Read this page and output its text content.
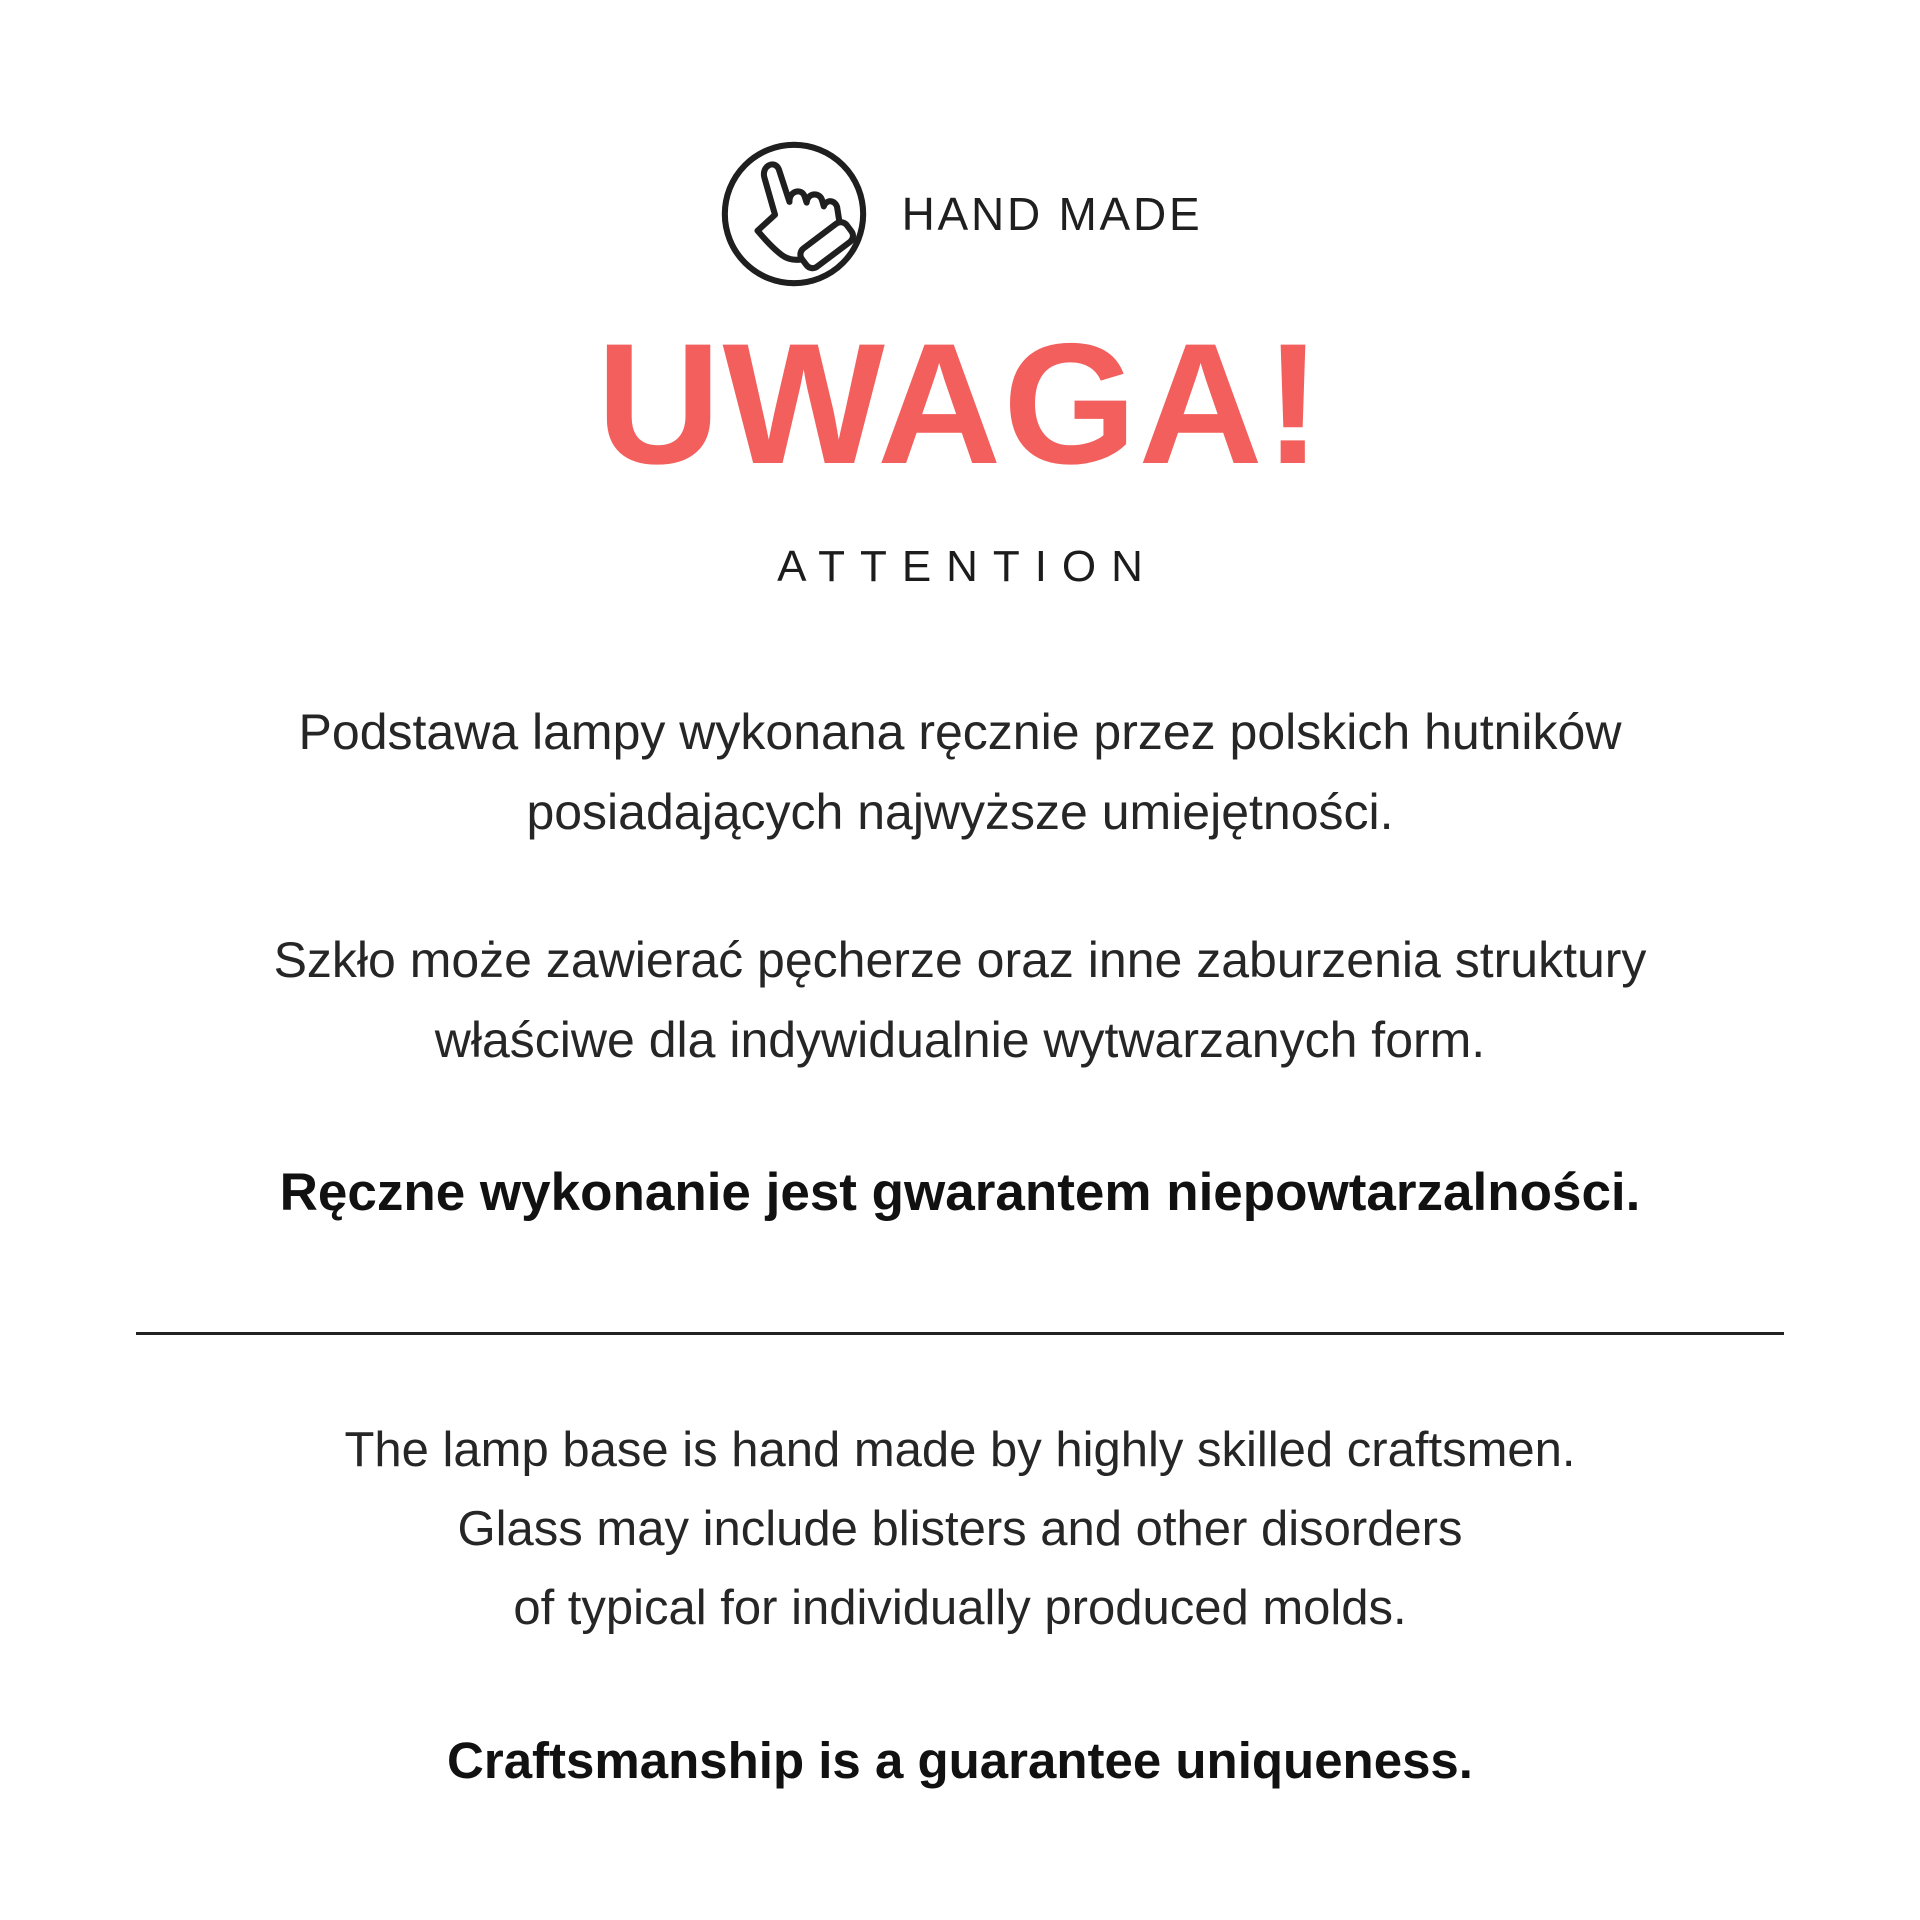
HAND MADE
UWAGA!
ATTENTION
Podstawa lampy wykonana ręcznie przez polskich hutników
posiadających najwyższe umiejętności.
Szkło może zawierać pęcherze oraz inne zaburzenia struktury
właściwe dla indywidualnie wytwarzanych form.
Ręczne wykonanie jest gwarantem niepowtarzalności.
The lamp base is hand made by highly skilled craftsmen.
Glass may include blisters and other disorders
of typical for individually produced molds.
Craftsmanship is a guarantee uniqueness.
